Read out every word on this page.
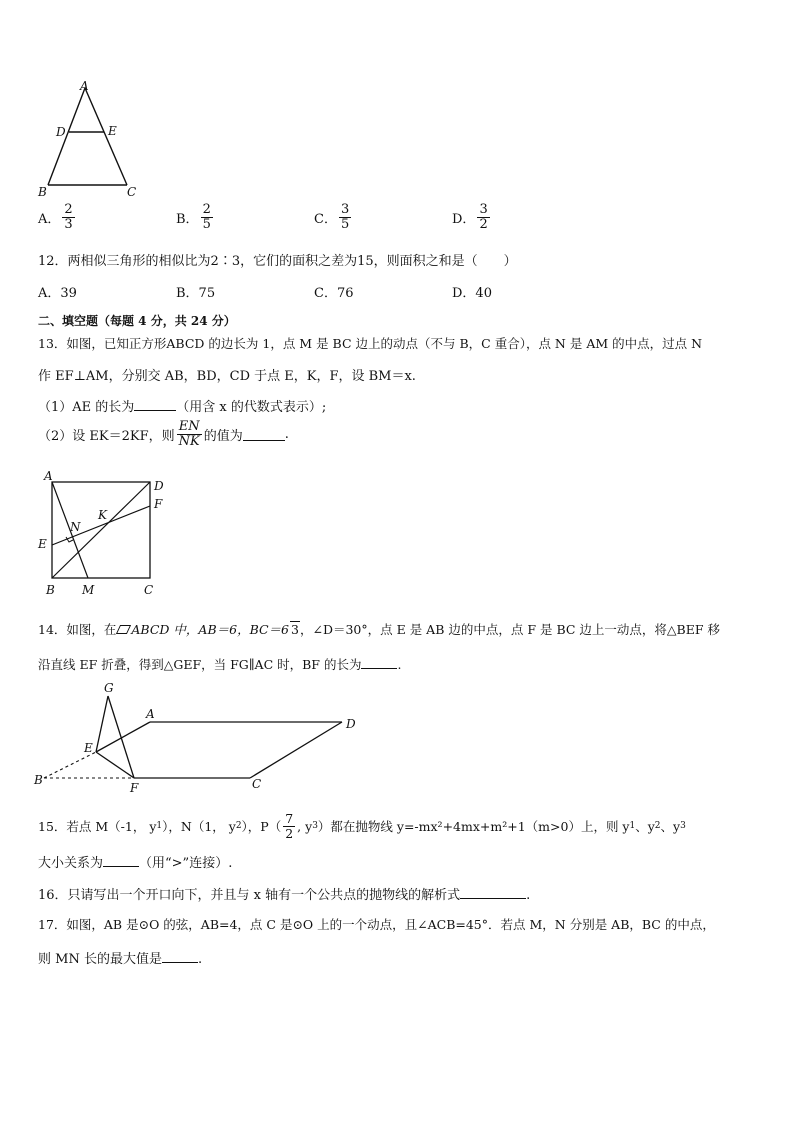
A
D	E
B	C
A． $\frac{2}{3}$	B． $\frac{2}{5}$	C． $\frac{3}{5}$	D． $\frac{3}{2}$
12．两相似三角形的相似比为2∶3，它们的面积之差为15，则面积之和是（　　）
A．39	B．75	C．76	D．40
二、填空题（每题 4 分，共 24 分）
13．如图，已知正方形ABCD 的边长为 1，点 M 是 BC 边上的动点（不与 B，C 重合），点 N 是 AM 的中点，过点 N
作 EF⊥AM，分别交 AB，BD，CD 于点 E，K，F，设 BM＝x.
（1）AE 的长为	（用含 x 的代数式表示）;
（2）设 EK＝2KF，则 $\frac{EN}{NK}$ 的值为	.
A
D
F
K
N
E
B M	C
14．如图，在 ABCD 中，AB＝6，BC＝6 3 ，∠D＝30°，点 E 是 AB 边的中点，点 F 是 BC 边上一动点，将△BEF 移
沿直线 EF 折叠，得到△GEF，当 FG∥AC 时，BF 的长为	.
G
A
D
E
B
F	C
15．若点 M（-1， y 1 ），N（1， y 2 ），$P( \frac{7}{2}$ , y 3 ）都在抛物线 y=-mx²+4mx+m²+1（m>0）上，则 y 1 、y 2 、y 3
大小关系为	（用“>”连接）.
16．只请写出一个开口向下，并且与 x 轴有一个公共点的抛物线的解析式	.
17．如图，AB 是⊙O 的弦，AB=4，点 C 是⊙O 上的一个动点，且∠ACB=45°．若点 M，N 分别是 AB，BC 的中点，
则 MN 长的最大值是	.
